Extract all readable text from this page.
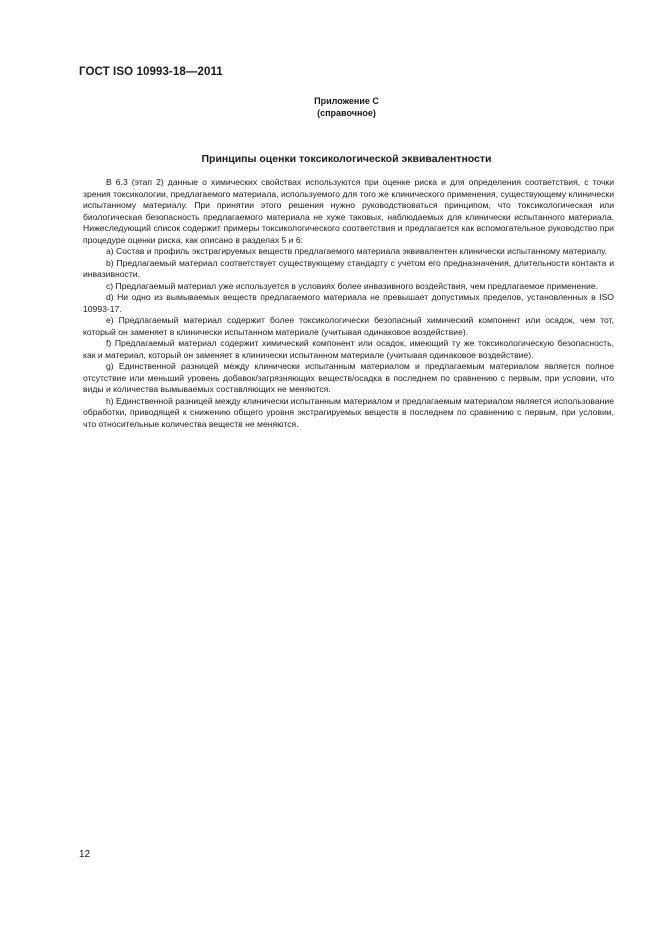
ГОСТ ISO 10993-18—2011
Приложение С
(справочное)
Принципы оценки токсикологической эквивалентности

В 6.3 (этап 2) данные о химических свойствах используются при оценке риска и для определения соответствия, с точки зрения токсикологии, предлагаемого материала, используемого для того же клинического применения, существующему клинически испытанному материалу. При принятии этого решения нужно руководствоваться принципом, что токсикологическая или биологическая безопасность предлагаемого материала не хуже таковых, наблюдаемых для клинически испытанного материала. Нижеследующий список содержит примеры токсикологического соответствия и предлагается как вспомогательное руководство при процедуре оценки риска, как описано в разделах 5 и 6:

a) Состав и профиль экстрагируемых веществ предлагаемого материала эквивалентен клинически испытанному материалу.

b) Предлагаемый материал соответствует существующему стандарту с учетом его предназначения, длительности контакта и инвазивности.

c) Предлагаемый материал уже используется в условиях более инвазивного воздействия, чем предлагаемое применение.

d) Ни одно из вымываемых веществ предлагаемого материала не превышает допустимых пределов, установленных в ISO 10993-17.

e) Предлагаемый материал содержит более токсикологически безопасный химический компонент или осадок, чем тот, который он заменяет в клинически испытанном материале (учитывая одинаковое воздействие).

f) Предлагаемый материал содержит химический компонент или осадок, имеющий ту же токсикологическую безопасность, как и материал, который он заменяет в клинически испытанном материале (учитывая одинаковое воздействие).

g) Единственной разницей между клинически испытанным материалом и предлагаемым материалом является полное отсутствие или меньший уровень добавок/загрязняющих веществ/осадка в последнем по сравнению с первым, при условии, что виды и количества вымываемых составляющих не меняются.

h) Единственной разницей между клинически испытанным материалом и предлагаемым материалом является использование обработки, приводящей к снижению общего уровня экстрагируемых веществ в последнем по сравнению с первым, при условии, что относительные количества веществ не меняются.

12
